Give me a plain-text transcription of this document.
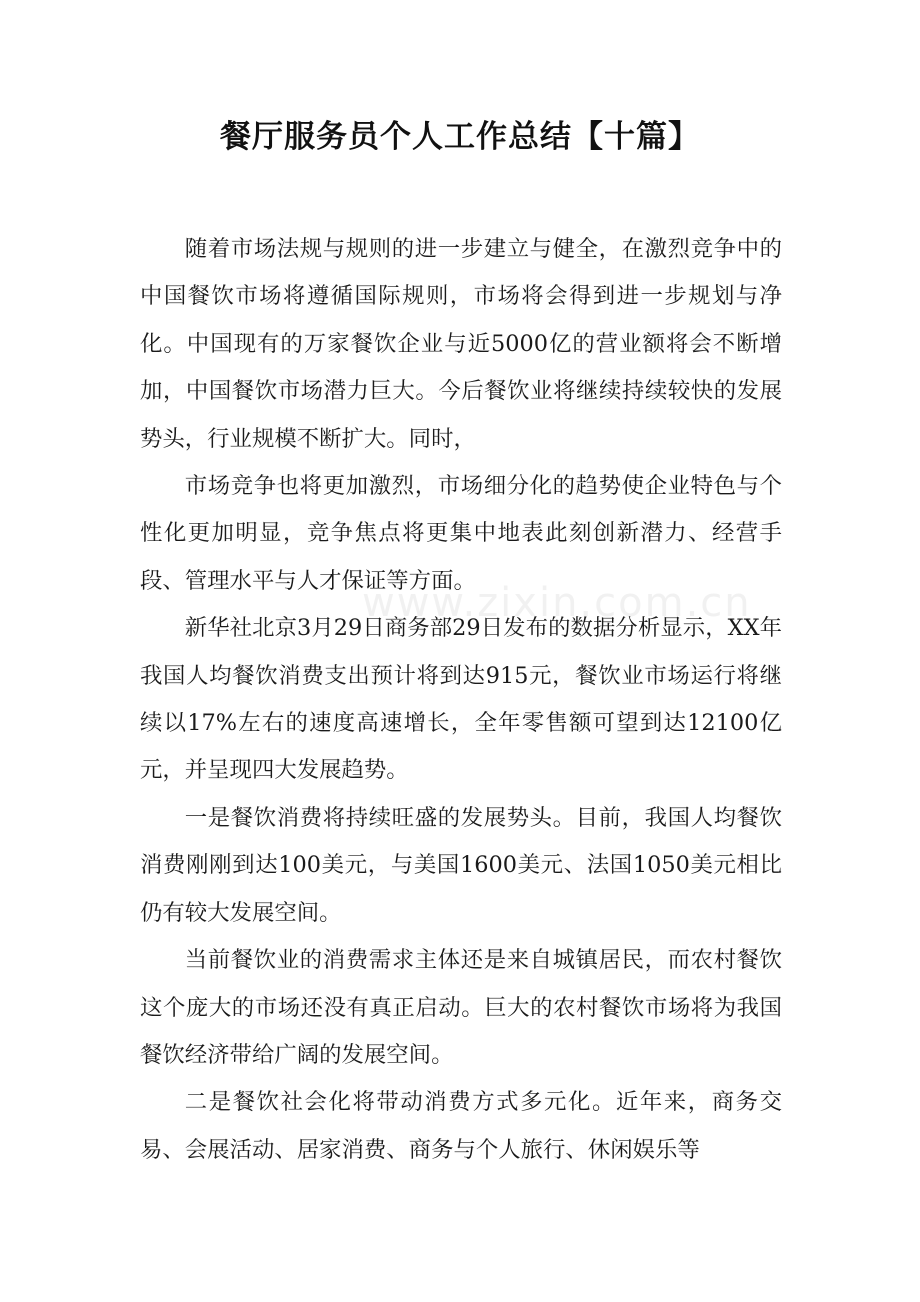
餐厅服务员个人工作总结【十篇】
www.zixin.com.cn

随着市场法规与规则的进一步建立与健全，在激烈竞争中的中国餐饮市场将遵循国际规则，市场将会得到进一步规划与净化。中国现有的万家餐饮企业与近5000亿的营业额将会不断增加，中国餐饮市场潜力巨大。今后餐饮业将继续持续较快的发展势头，行业规模不断扩大。同时，

市场竞争也将更加激烈，市场细分化的趋势使企业特色与个性化更加明显，竞争焦点将更集中地表此刻创新潜力、经营手段、管理水平与人才保证等方面。

新华社北京3月29日商务部29日发布的数据分析显示，XX年我国人均餐饮消费支出预计将到达915元，餐饮业市场运行将继续以17%左右的速度高速增长，全年零售额可望到达12100亿元，并呈现四大发展趋势。

一是餐饮消费将持续旺盛的发展势头。目前，我国人均餐饮消费刚刚到达100美元，与美国1600美元、法国1050美元相比仍有较大发展空间。

当前餐饮业的消费需求主体还是来自城镇居民，而农村餐饮这个庞大的市场还没有真正启动。巨大的农村餐饮市场将为我国餐饮经济带给广阔的发展空间。

二是餐饮社会化将带动消费方式多元化。近年来，商务交易、会展活动、居家消费、商务与个人旅行、休闲娱乐等
